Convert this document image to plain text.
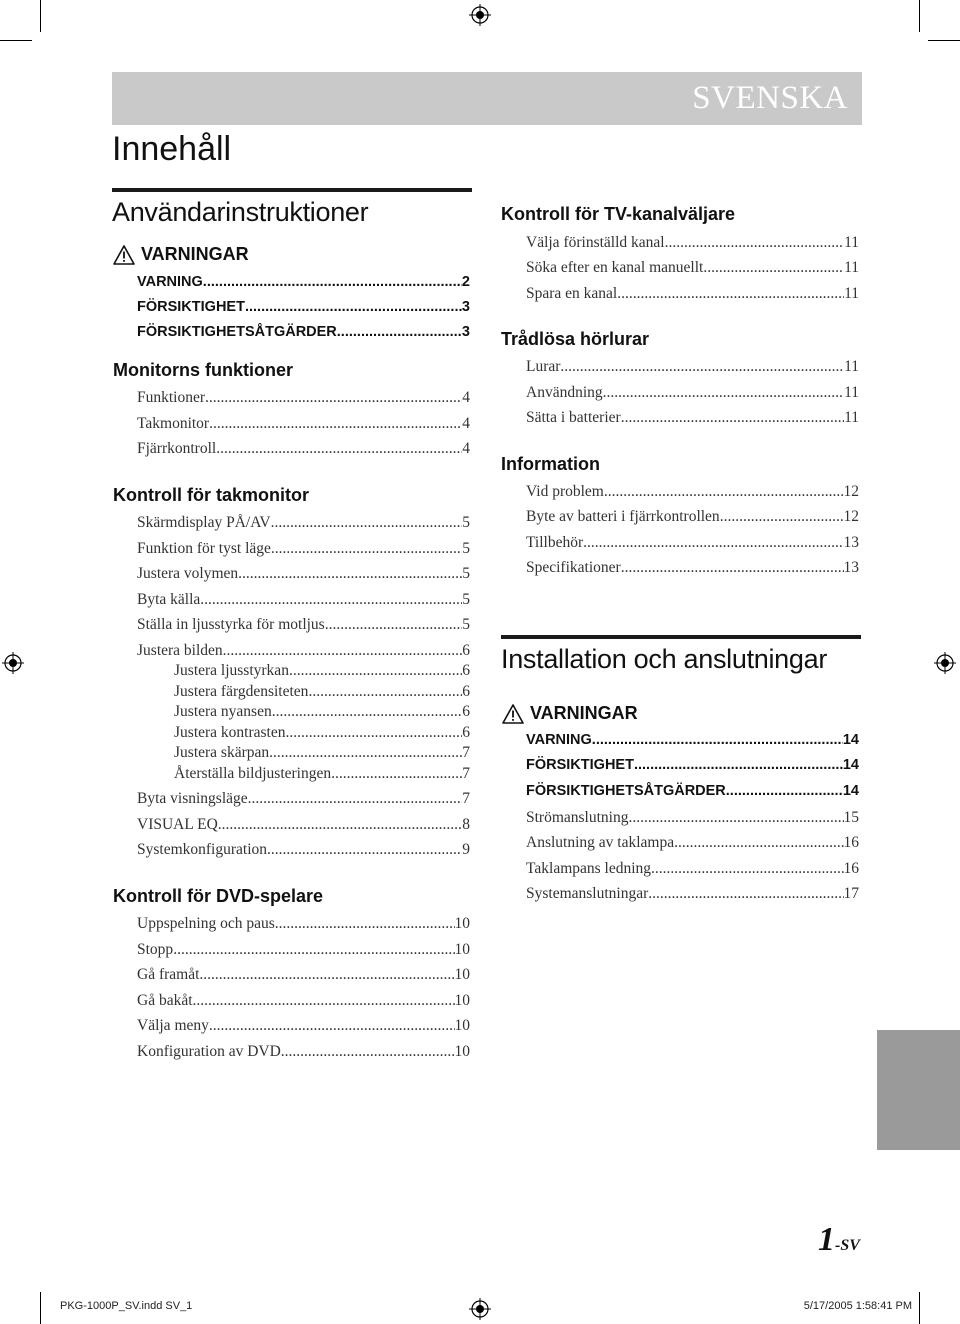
SVENSKA
Innehåll
Användarinstruktioner
VARNINGAR
VARNING .....	2
FÖRSIKTIGHET .....	3
FÖRSIKTIGHETSÅTGÄRDER .....	3
Monitorns funktioner
Funktioner .....	4
Takmonitor .....	4
Fjärrkontroll .....	4
Kontroll för takmonitor
Skärmdisplay PÅ/AV .....	5
Funktion för tyst läge .....	5
Justera volymen .....	5
Byta källa .....	5
Ställa in ljusstyrka för motljus .....	5
Justera bilden .....	6
Justera ljusstyrkan .....	6
Justera färgdensiteten .....	6
Justera nyansen .....	6
Justera kontrasten .....	6
Justera skärpan .....	7
Återställa bildjusteringen .....	7
Byta visningsläge .....	7
VISUAL EQ .....	8
Systemkonfiguration .....	9
Kontroll för DVD-spelare
Uppspelning och paus .....	10
Stopp .....	10
Gå framåt .....	10
Gå bakåt .....	10
Välja meny .....	10
Konfiguration av DVD .....	10
Kontroll för TV-kanalväljare
Välja förinställd kanal .....	11
Söka efter en kanal manuellt .....	11
Spara en kanal .....	11
Trådlösa hörlurar
Lurar .....	11
Användning .....	11
Sätta i batterier .....	11
Information
Vid problem .....	12
Byte av batteri i fjärrkontrollen .....	12
Tillbehör .....	13
Specifikationer .....	13
Installation och anslutningar
VARNINGAR
VARNING .....	14
FÖRSIKTIGHET .....	14
FÖRSIKTIGHETSÅTGÄRDER .....	14
Strömanslutning .....	15
Anslutning av taklampa .....	16
Taklampans ledning .....	16
Systemanslutningar .....	17
1-SV
PKG-1000P_SV.indd SV_1	5/17/2005 1:58:41 PM
